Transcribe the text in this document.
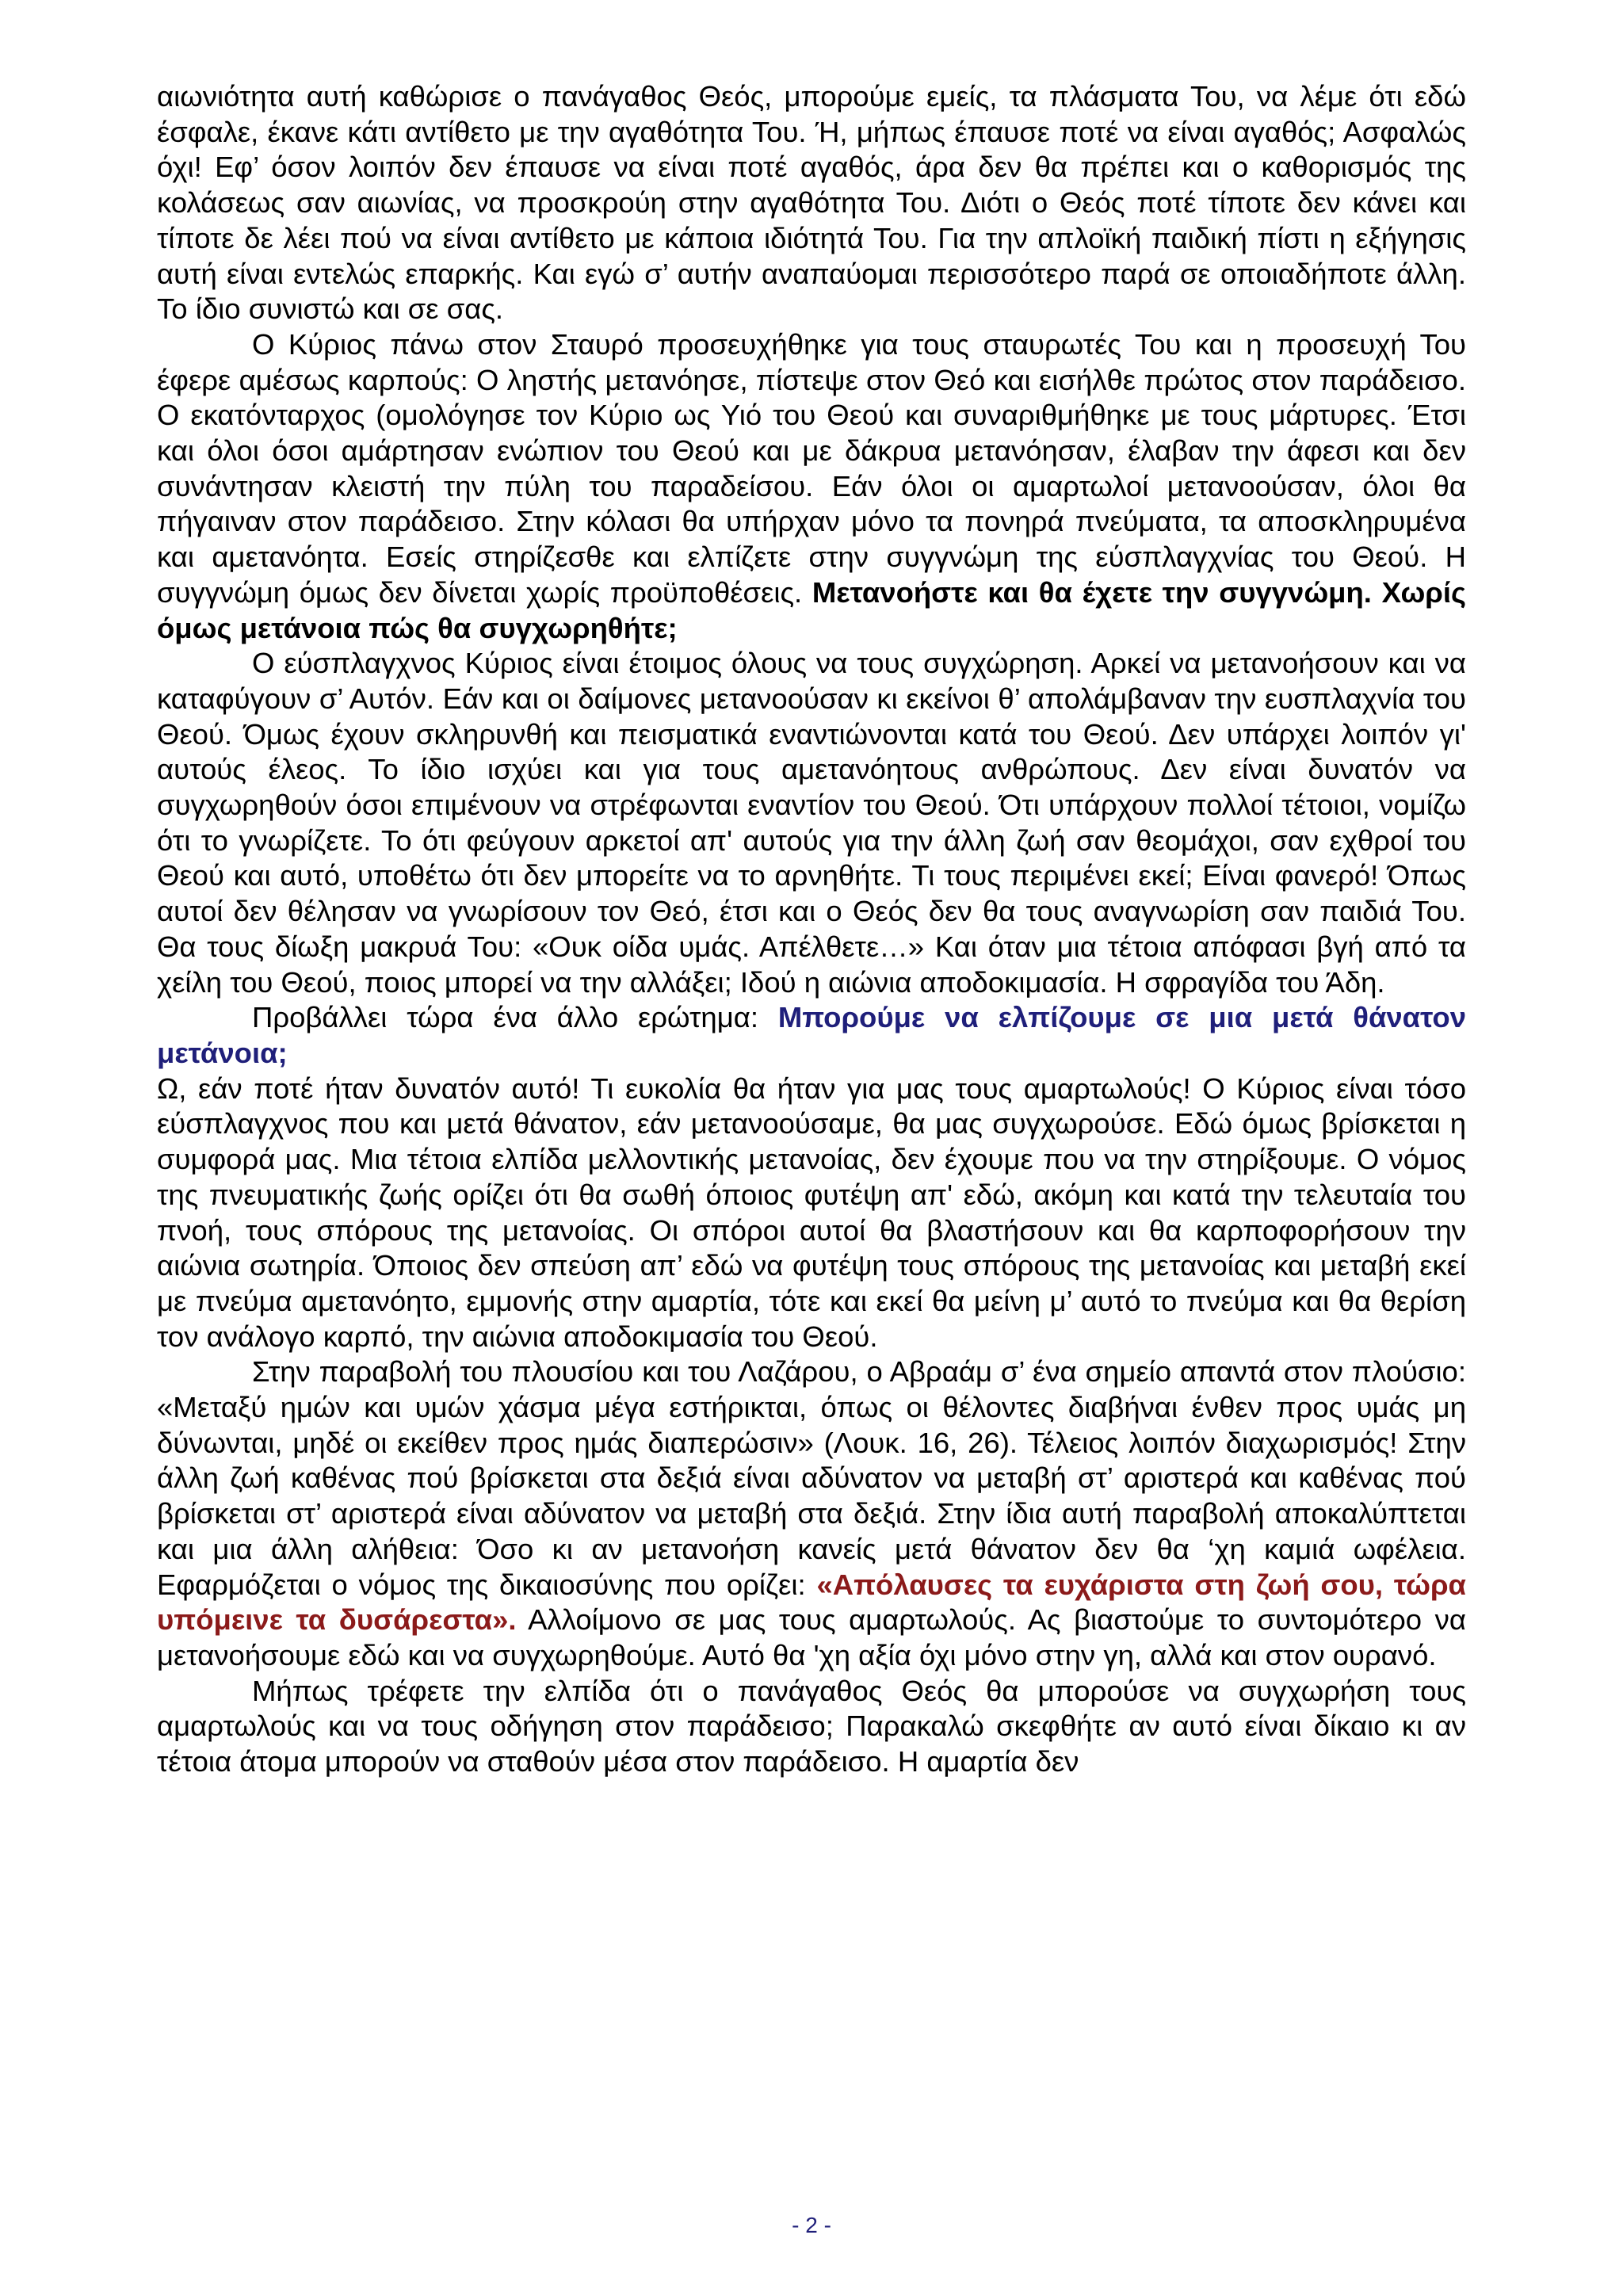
αιωνιότητα αυτή καθώρισε ο πανάγαθος Θεός, μπορούμε εμείς, τα πλάσματα Του, να λέμε ότι εδώ έσφαλε, έκανε κάτι αντίθετο με την αγαθότητα Του. Ή, μήπως έπαυσε ποτέ να είναι αγαθός; Ασφαλώς όχι! Εφ’ όσον λοιπόν δεν έπαυσε να είναι ποτέ αγαθός, άρα δεν θα πρέπει και ο καθορισμός της κολάσεως σαν αιωνίας, να προσκρούη στην αγαθότητα Του. Διότι ο Θεός ποτέ τίποτε δεν κάνει και τίποτε δε λέει πού να είναι αντίθετο με κάποια ιδιότητά Του. Για την απλοϊκή παιδική πίστι η εξήγησις αυτή είναι εντελώς επαρκής. Και εγώ σ’ αυτήν αναπαύομαι περισσότερο παρά σε οποιαδήποτε άλλη. Το ίδιο συνιστώ και σε σας.

Ο Κύριος πάνω στον Σταυρό προσευχήθηκε για τους σταυρωτές Του και η προσευχή Του έφερε αμέσως καρπούς: Ο ληστής μετανόησε, πίστεψε στον Θεό και εισήλθε πρώτος στον παράδεισο. Ο εκατόνταρχος (ομολόγησε τον Κύριο ως Υιό του Θεού και συναριθμήθηκε με τους μάρτυρες. Έτσι και όλοι όσοι αμάρτησαν ενώπιον του Θεού και με δάκρυα μετανόησαν, έλαβαν την άφεσι και δεν συνάντησαν κλειστή την πύλη του παραδείσου. Εάν όλοι οι αμαρτωλοί μετανοούσαν, όλοι θα πήγαιναν στον παράδεισο. Στην κόλασι θα υπήρχαν μόνο τα πονηρά πνεύματα, τα αποσκληρυμένα και αμετανόητα. Εσείς στηρίζεσθε και ελπίζετε στην συγγνώμη της εύσπλαγχνίας του Θεού. Η συγγνώμη όμως δεν δίνεται χωρίς προϋποθέσεις. Μετανοήστε και θα έχετε την συγγνώμη. Χωρίς όμως μετάνοια πώς θα συγχωρηθήτε;

Ο εύσπλαγχνος Κύριος είναι έτοιμος όλους να τους συγχώρηση. Αρκεί να μετανοήσουν και να καταφύγουν σ’ Αυτόν. Εάν και οι δαίμονες μετανοούσαν κι εκείνοι θ’ απολάμβαναν την ευσπλαχνία του Θεού. Όμως έχουν σκληρυνθή και πεισματικά εναντιώνονται κατά του Θεού. Δεν υπάρχει λοιπόν γι' αυτούς έλεος. Το ίδιο ισχύει και για τους αμετανόητους ανθρώπους. Δεν είναι δυνατόν να συγχωρηθούν όσοι επιμένουν να στρέφωνται εναντίον του Θεού. Ότι υπάρχουν πολλοί τέτοιοι, νομίζω ότι το γνωρίζετε. Το ότι φεύγουν αρκετοί απ' αυτούς για την άλλη ζωή σαν θεομάχοι, σαν εχθροί του Θεού και αυτό, υποθέτω ότι δεν μπορείτε να το αρνηθήτε. Τι τους περιμένει εκεί; Είναι φανερό! Όπως αυτοί δεν θέλησαν να γνωρίσουν τον Θεό, έτσι και ο Θεός δεν θα τους αναγνωρίση σαν παιδιά Του. Θα τους δίωξη μακρυά Του: «Ουκ οίδα υμάς. Απέλθετε…» Και όταν μια τέτοια απόφασι βγή από τα χείλη του Θεού, ποιος μπορεί να την αλλάξει; Ιδού η αιώνια αποδοκιμασία. Η σφραγίδα του Άδη.

Προβάλλει τώρα ένα άλλο ερώτημα: Μπορούμε να ελπίζουμε σε μια μετά θάνατον μετάνοια;

Ω, εάν ποτέ ήταν δυνατόν αυτό! Τι ευκολία θα ήταν για μας τους αμαρτωλούς! Ο Κύριος είναι τόσο εύσπλαγχνος που και μετά θάνατον, εάν μετανοούσαμε, θα μας συγχωρούσε. Εδώ όμως βρίσκεται η συμφορά μας. Μια τέτοια ελπίδα μελλοντικής μετανοίας, δεν έχουμε που να την στηρίξουμε. Ο νόμος της πνευματικής ζωής ορίζει ότι θα σωθή όποιος φυτέψη απ' εδώ, ακόμη και κατά την τελευταία του πνοή, τους σπόρους της μετανοίας. Οι σπόροι αυτοί θα βλαστήσουν και θα καρποφορήσουν την αιώνια σωτηρία. Όποιος δεν σπεύση απ’ εδώ να φυτέψη τους σπόρους της μετανοίας και μεταβή εκεί με πνεύμα αμετανόητο, εμμονής στην αμαρτία, τότε και εκεί θα μείνη μ’ αυτό το πνεύμα και θα θερίση τον ανάλογο καρπό, την αιώνια αποδοκιμασία του Θεού.

Στην παραβολή του πλουσίου και του Λαζάρου, ο Αβραάμ σ’ ένα σημείο απαντά στον πλούσιο: «Μεταξύ ημών και υμών χάσμα μέγα εστήρικται, όπως οι θέλοντες διαβήναι ένθεν προς υμάς μη δύνωνται, μηδέ οι εκείθεν προς ημάς διαπερώσιν» (Λουκ. 16, 26). Τέλειος λοιπόν διαχωρισμός! Στην άλλη ζωή καθένας πού βρίσκεται στα δεξιά είναι αδύνατον να μεταβή στ’ αριστερά και καθένας πού βρίσκεται στ’ αριστερά είναι αδύνατον να μεταβή στα δεξιά. Στην ίδια αυτή παραβολή αποκαλύπτεται και μια άλλη αλήθεια: Όσο κι αν μετανοήση κανείς μετά θάνατον δεν θα ‘χη καμιά ωφέλεια. Εφαρμόζεται ο νόμος της δικαιοσύνης που ορίζει: «Απόλαυσες τα ευχάριστα στη ζωή σου, τώρα υπόμεινε τα δυσάρεστα». Αλλοίμονο σε μας τους αμαρτωλούς. Ας βιαστούμε το συντομότερο να μετανοήσουμε εδώ και να συγχωρηθούμε. Αυτό θα 'χη αξία όχι μόνο στην γη, αλλά και στον ουρανό.

Μήπως τρέφετε την ελπίδα ότι ο πανάγαθος Θεός θα μπορούσε να συγχωρήση τους αμαρτωλούς και να τους οδήγηση στον παράδεισο; Παρακαλώ σκεφθήτε αν αυτό είναι δίκαιο κι αν τέτοια άτομα μπορούν να σταθούν μέσα στον παράδεισο. Η αμαρτία δεν

- 2 -
